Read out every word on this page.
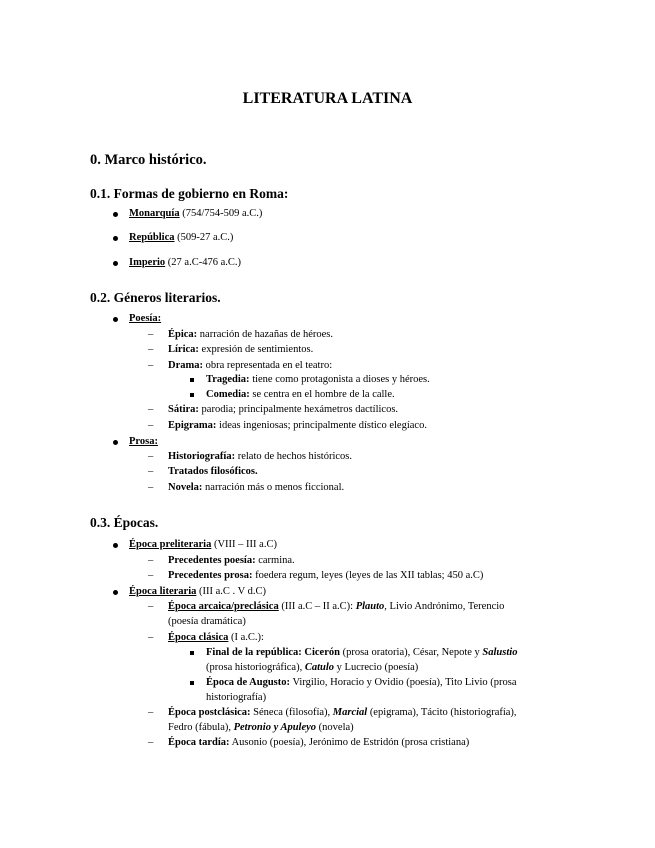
LITERATURA LATINA
0. Marco histórico.
0.1. Formas de gobierno en Roma:
Monarquía (754/754-509 a.C.)
República (509-27 a.C.)
Imperio (27 a.C-476 a.C.)
0.2. Géneros literarios.
Poesía:
– Épica: narración de hazañas de héroes.
– Lírica: expresión de sentimientos.
– Drama: obra representada en el teatro:
Tragedia: tiene como protagonista a dioses y héroes.
Comedia: se centra en el hombre de la calle.
– Sátira: parodia; principalmente hexámetros dactílicos.
– Epigrama: ideas ingeniosas; principalmente dístico elegíaco.
Prosa:
– Historiografía: relato de hechos históricos.
– Tratados filosóficos.
– Novela: narración más o menos ficcional.
0.3. Épocas.
Época preliteraria (VIII – III a.C)
– Precedentes poesía: carmina.
– Precedentes prosa: foedera regum, leyes (leyes de las XII tablas; 450 a.C)
Época literaria (III a.C . V d.C)
– Época arcaica/preclásica (III a.C – II a.C): Plauto, Livio Andrónimo, Terencio
(poesía dramática)
– Época clásica (I a.C.):
Final de la república: Cicerón (prosa oratoria), César, Nepote y Salustio
(prosa historiográfica), Catulo y Lucrecio (poesía)
Época de Augusto: Virgilio, Horacio y Ovidio (poesía), Tito Livio (prosa
historiografía)
– Época postclásica: Séneca (filosofía), Marcial (epigrama), Tácito (historiografía),
Fedro (fábula), Petronio y Apuleyo (novela)
– Época tardía: Ausonio (poesía), Jerónimo de Estridón (prosa cristiana)
